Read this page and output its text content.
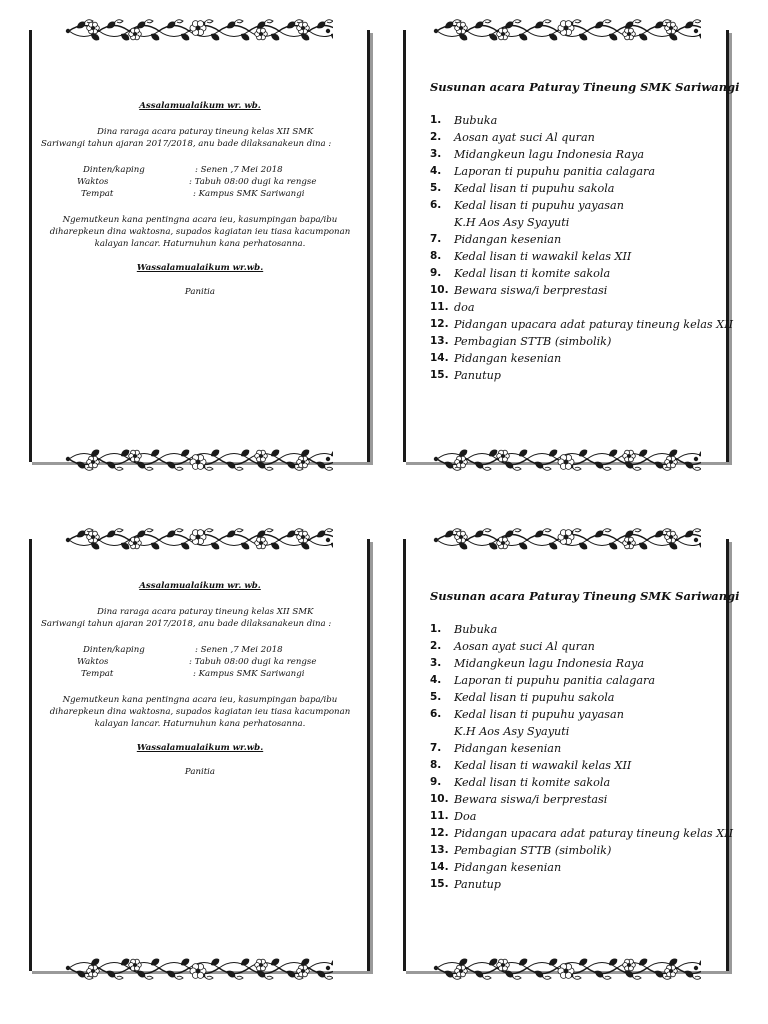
Assalamualaikum wr. wb.
Dina raraga acara paturay tineung kelas XII SMK
Sariwangi tahun ajaran 2017/2018, anu bade dilaksanakeun dina :
Dinten/kaping	: Senen ,7 Mei 2018
Waktos	: Tabuh 08:00 dugi ka rengse
Tempat	: Kampus SMK Sariwangi
Ngemutkeun kana pentingna acara ieu, kasumpingan bapa/ibu
diharepkeun dina waktosna, supados kagiatan ieu tiasa kacumponan
kalayan lancar. Haturnuhun kana perhatosanna.
Wassalamualaikum wr.wb.
Panitia
Susunan acara Paturay Tineung SMK Sariwangi
1.	Bubuka
2.	Aosan ayat suci Al quran
3.	Midangkeun lagu Indonesia Raya
4.	Laporan ti pupuhu panitia calagara
5.	Kedal lisan ti pupuhu sakola
6.	Kedal lisan ti pupuhu yayasan
K.H Aos Asy Syayuti
7.	Pidangan kesenian
8.	Kedal lisan ti wawakil kelas XII
9.	Kedal lisan ti komite sakola
10. Bewara siswa/i berprestasi
11. doa
12. Pidangan upacara adat paturay tineung kelas XII
13. Pembagian STTB (simbolik)
14. Pidangan kesenian
15. Panutup
Assalamualaikum wr. wb.
Dina raraga acara paturay tineung kelas XII SMK
Sariwangi tahun ajaran 2017/2018, anu bade dilaksanakeun dina :
Dinten/kaping	: Senen ,7 Mei 2018
Waktos	: Tabuh 08:00 dugi ka rengse
Tempat	: Kampus SMK Sariwangi
Ngemutkeun kana pentingna acara ieu, kasumpingan bapa/ibu
diharepkeun dina waktosna, supados kagiatan ieu tiasa kacumponan
kalayan lancar. Haturnuhun kana perhatosanna.
Wassalamualaikum wr.wb.
Panitia
Susunan acara Paturay Tineung SMK Sariwangi
1.	Bubuka
2.	Aosan ayat suci Al quran
3.	Midangkeun lagu Indonesia Raya
4.	Laporan ti pupuhu panitia calagara
5.	Kedal lisan ti pupuhu sakola
6.	Kedal lisan ti pupuhu yayasan
K.H Aos Asy Syayuti
7.	Pidangan kesenian
8.	Kedal lisan ti wawakil kelas XII
9.	Kedal lisan ti komite sakola
10. Bewara siswa/i berprestasi
11. Doa
12. Pidangan upacara adat paturay tineung kelas XII
13. Pembagian STTB (simbolik)
14. Pidangan kesenian
15. Panutup
